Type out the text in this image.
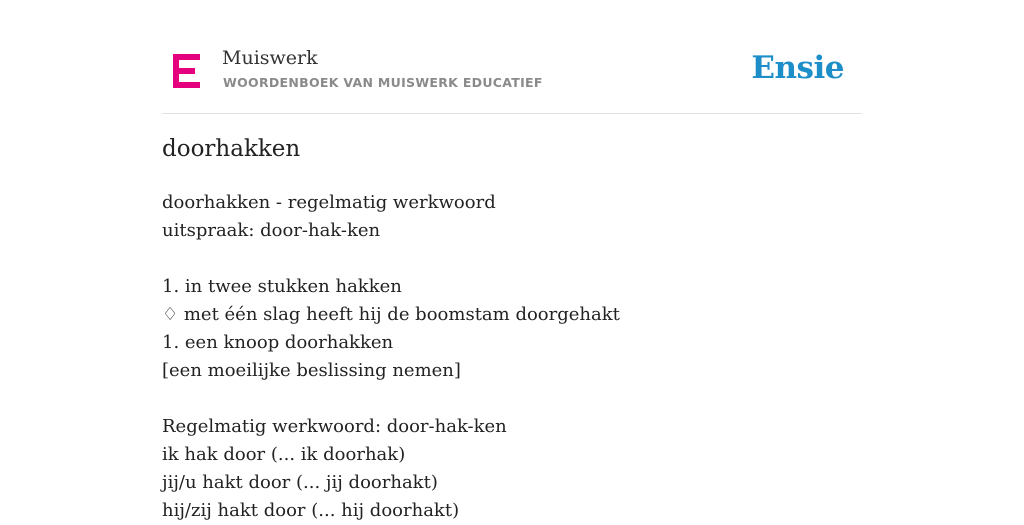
Muiswerk
WOORDENBOEK VAN MUISWERK EDUCATIEF	Ensie
doorhakken
doorhakken - regelmatig werkwoord
uitspraak: door-hak-ken
1. in twee stukken hakken
♢ met één slag heeft hij de boomstam doorgehakt
1. een knoop doorhakken
[een moeilijke beslissing nemen]
Regelmatig werkwoord: door-hak-ken
ik hak door (... ik doorhak)
jij/u hakt door (... jij doorhakt)
hij/zij hakt door (... hij doorhakt)
